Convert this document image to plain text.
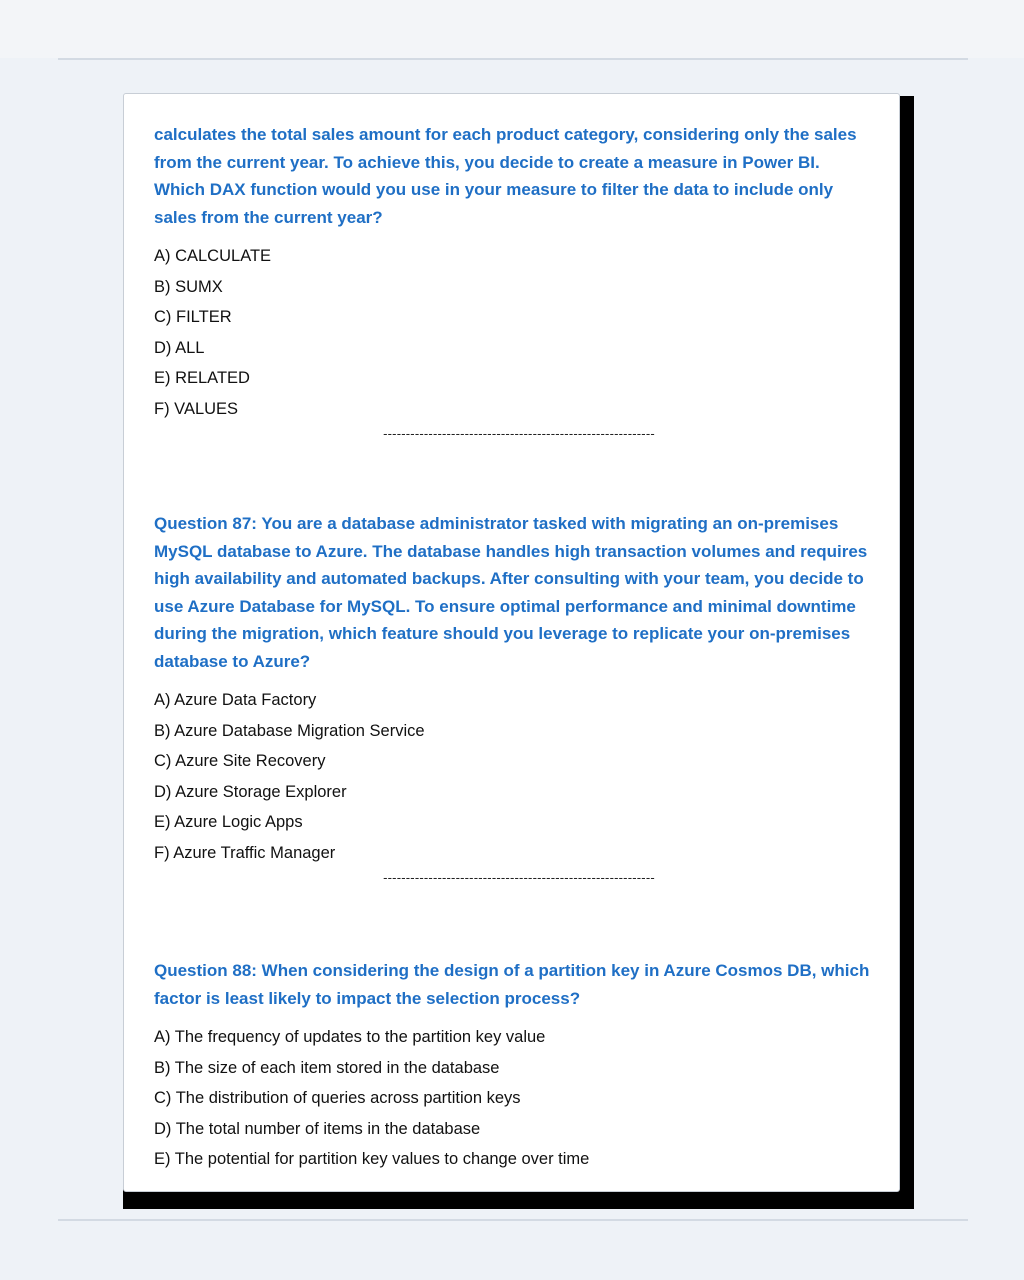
calculates the total sales amount for each product category, considering only the sales from the current year. To achieve this, you decide to create a measure in Power BI. Which DAX function would you use in your measure to filter the data to include only sales from the current year?

A) CALCULATE
B) SUMX
C) FILTER
D) ALL
E) RELATED
F) VALUES
------------------------------------------------------------

Question 87: You are a database administrator tasked with migrating an on-premises MySQL database to Azure. The database handles high transaction volumes and requires high availability and automated backups. After consulting with your team, you decide to use Azure Database for MySQL. To ensure optimal performance and minimal downtime during the migration, which feature should you leverage to replicate your on-premises database to Azure?

A) Azure Data Factory
B) Azure Database Migration Service
C) Azure Site Recovery
D) Azure Storage Explorer
E) Azure Logic Apps
F) Azure Traffic Manager
------------------------------------------------------------

Question 88: When considering the design of a partition key in Azure Cosmos DB, which factor is least likely to impact the selection process?

A) The frequency of updates to the partition key value
B) The size of each item stored in the database
C) The distribution of queries across partition keys
D) The total number of items in the database
E) The potential for partition key values to change over time
